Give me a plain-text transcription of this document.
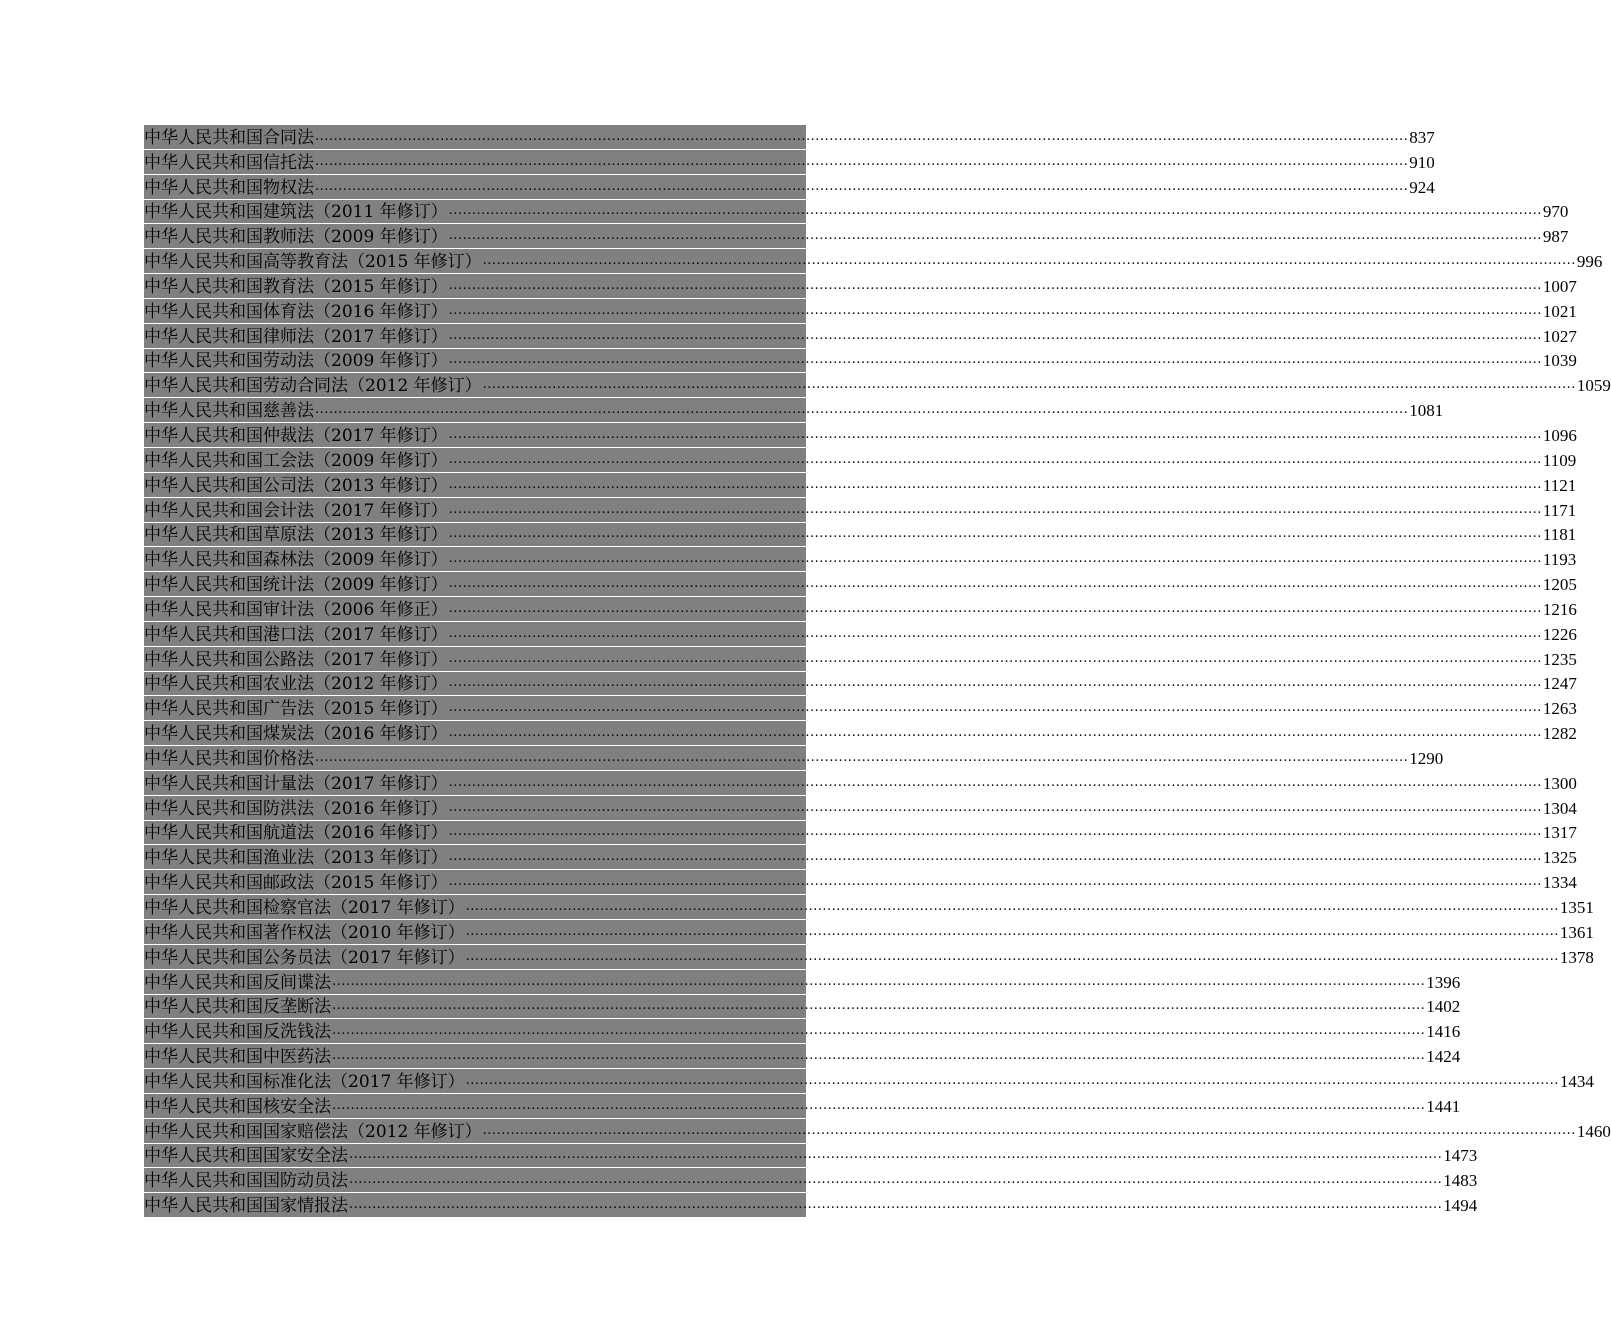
中华人民共和国合同法 ............................................................................................................................................................................................................................................ 837
中华人民共和国信托法 ............................................................................................................................................................................................................................................ 910
中华人民共和国物权法 ............................................................................................................................................................................................................................................ 924
中华人民共和国建筑法（2011 年修订） ............................................................................................................................................................................................................................................ 970
中华人民共和国教师法（2009 年修订） ............................................................................................................................................................................................................................................ 987
中华人民共和国高等教育法（2015 年修订） ............................................................................................................................................................................................................................................ 996
中华人民共和国教育法（2015 年修订） ............................................................................................................................................................................................................................................ 1007
中华人民共和国体育法（2016 年修订） ............................................................................................................................................................................................................................................ 1021
中华人民共和国律师法（2017 年修订） ............................................................................................................................................................................................................................................ 1027
中华人民共和国劳动法（2009 年修订） ............................................................................................................................................................................................................................................ 1039
中华人民共和国劳动合同法（2012 年修订） ............................................................................................................................................................................................................................................ 1059
中华人民共和国慈善法 ............................................................................................................................................................................................................................................ 1081
中华人民共和国仲裁法（2017 年修订） ............................................................................................................................................................................................................................................ 1096
中华人民共和国工会法（2009 年修订） ............................................................................................................................................................................................................................................ 1109
中华人民共和国公司法（2013 年修订） ............................................................................................................................................................................................................................................ 1121
中华人民共和国会计法（2017 年修订） ............................................................................................................................................................................................................................................ 1171
中华人民共和国草原法（2013 年修订） ............................................................................................................................................................................................................................................ 1181
中华人民共和国森林法（2009 年修订） ............................................................................................................................................................................................................................................ 1193
中华人民共和国统计法（2009 年修订） ............................................................................................................................................................................................................................................ 1205
中华人民共和国审计法（2006 年修正） ............................................................................................................................................................................................................................................ 1216
中华人民共和国港口法（2017 年修订） ............................................................................................................................................................................................................................................ 1226
中华人民共和国公路法（2017 年修订） ............................................................................................................................................................................................................................................ 1235
中华人民共和国农业法（2012 年修订） ............................................................................................................................................................................................................................................ 1247
中华人民共和国广告法（2015 年修订） ............................................................................................................................................................................................................................................ 1263
中华人民共和国煤炭法（2016 年修订） ............................................................................................................................................................................................................................................ 1282
中华人民共和国价格法 ............................................................................................................................................................................................................................................ 1290
中华人民共和国计量法（2017 年修订） ............................................................................................................................................................................................................................................ 1300
中华人民共和国防洪法（2016 年修订） ............................................................................................................................................................................................................................................ 1304
中华人民共和国航道法（2016 年修订） ............................................................................................................................................................................................................................................ 1317
中华人民共和国渔业法（2013 年修订） ............................................................................................................................................................................................................................................ 1325
中华人民共和国邮政法（2015 年修订） ............................................................................................................................................................................................................................................ 1334
中华人民共和国检察官法（2017 年修订） ............................................................................................................................................................................................................................................ 1351
中华人民共和国著作权法（2010 年修订） ............................................................................................................................................................................................................................................ 1361
中华人民共和国公务员法（2017 年修订） ............................................................................................................................................................................................................................................ 1378
中华人民共和国反间谍法 ............................................................................................................................................................................................................................................ 1396
中华人民共和国反垄断法 ............................................................................................................................................................................................................................................ 1402
中华人民共和国反洗钱法 ............................................................................................................................................................................................................................................ 1416
中华人民共和国中医药法 ............................................................................................................................................................................................................................................ 1424
中华人民共和国标准化法（2017 年修订） ............................................................................................................................................................................................................................................ 1434
中华人民共和国核安全法 ............................................................................................................................................................................................................................................ 1441
中华人民共和国国家赔偿法（2012 年修订） ............................................................................................................................................................................................................................................ 1460
中华人民共和国国家安全法 ............................................................................................................................................................................................................................................ 1473
中华人民共和国国防动员法 ............................................................................................................................................................................................................................................ 1483
中华人民共和国国家情报法 ............................................................................................................................................................................................................................................ 1494
